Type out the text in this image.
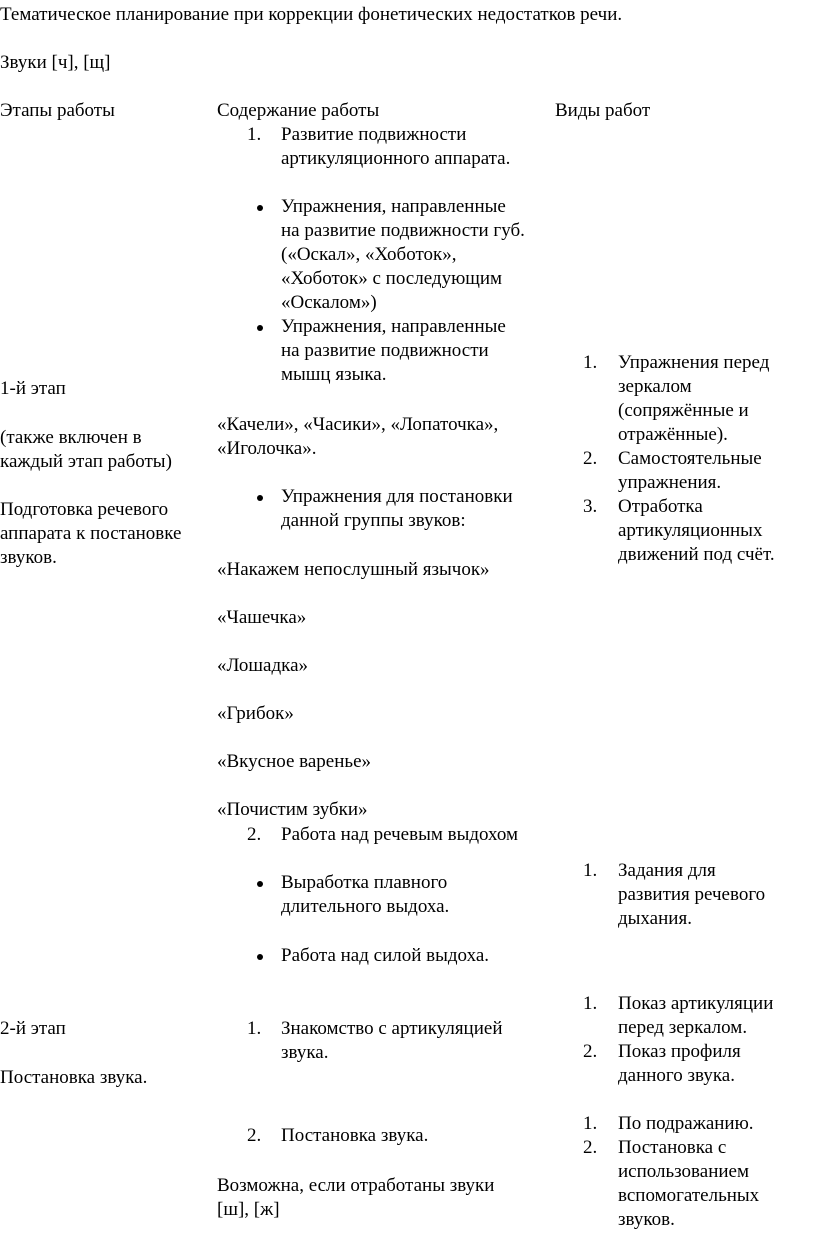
Тематическое планирование при коррекции фонетических недостатков речи.
Звуки [ч], [щ]
Этапы работы	Содержание работы	Виды работ
1-й этап
(также включен в
каждый этап работы)
Подготовка речевого
аппарата к постановке
звуков.
2-й этап
Постановка звука.
1. Развитие подвижности
артикуляционного аппарата.
Упражнения, направленные
на развитие подвижности губ.
(«Оскал», «Хоботок»,
«Хоботок» с последующим
«Оскалом»)
Упражнения, направленные
на развитие подвижности
мышц языка.
«Качели», «Часики», «Лопаточка»,
«Иголочка».
Упражнения для постановки
данной группы звуков:
«Накажем непослушный язычок»
«Чашечка»
«Лошадка»
«Грибок»
«Вкусное варенье»
«Почистим зубки»
2. Работа над речевым выдохом
Выработка плавного
длительного выдоха.
Работа над силой выдоха.
1. Знакомство с артикуляцией
звука.
2. Постановка звука.
Возможна, если отработаны звуки
[ш], [ж]
1. Упражнения перед
зеркалом
(сопряжённые и
отражённые).
2. Самостоятельные
упражнения.
3. Отработка
артикуляционных
движений под счёт.
1. Задания для
развития речевого
дыхания.
1. Показ артикуляции
перед зеркалом.
2. Показ профиля
данного звука.
1. По подражанию.
2. Постановка с
использованием
вспомогательных
звуков.
